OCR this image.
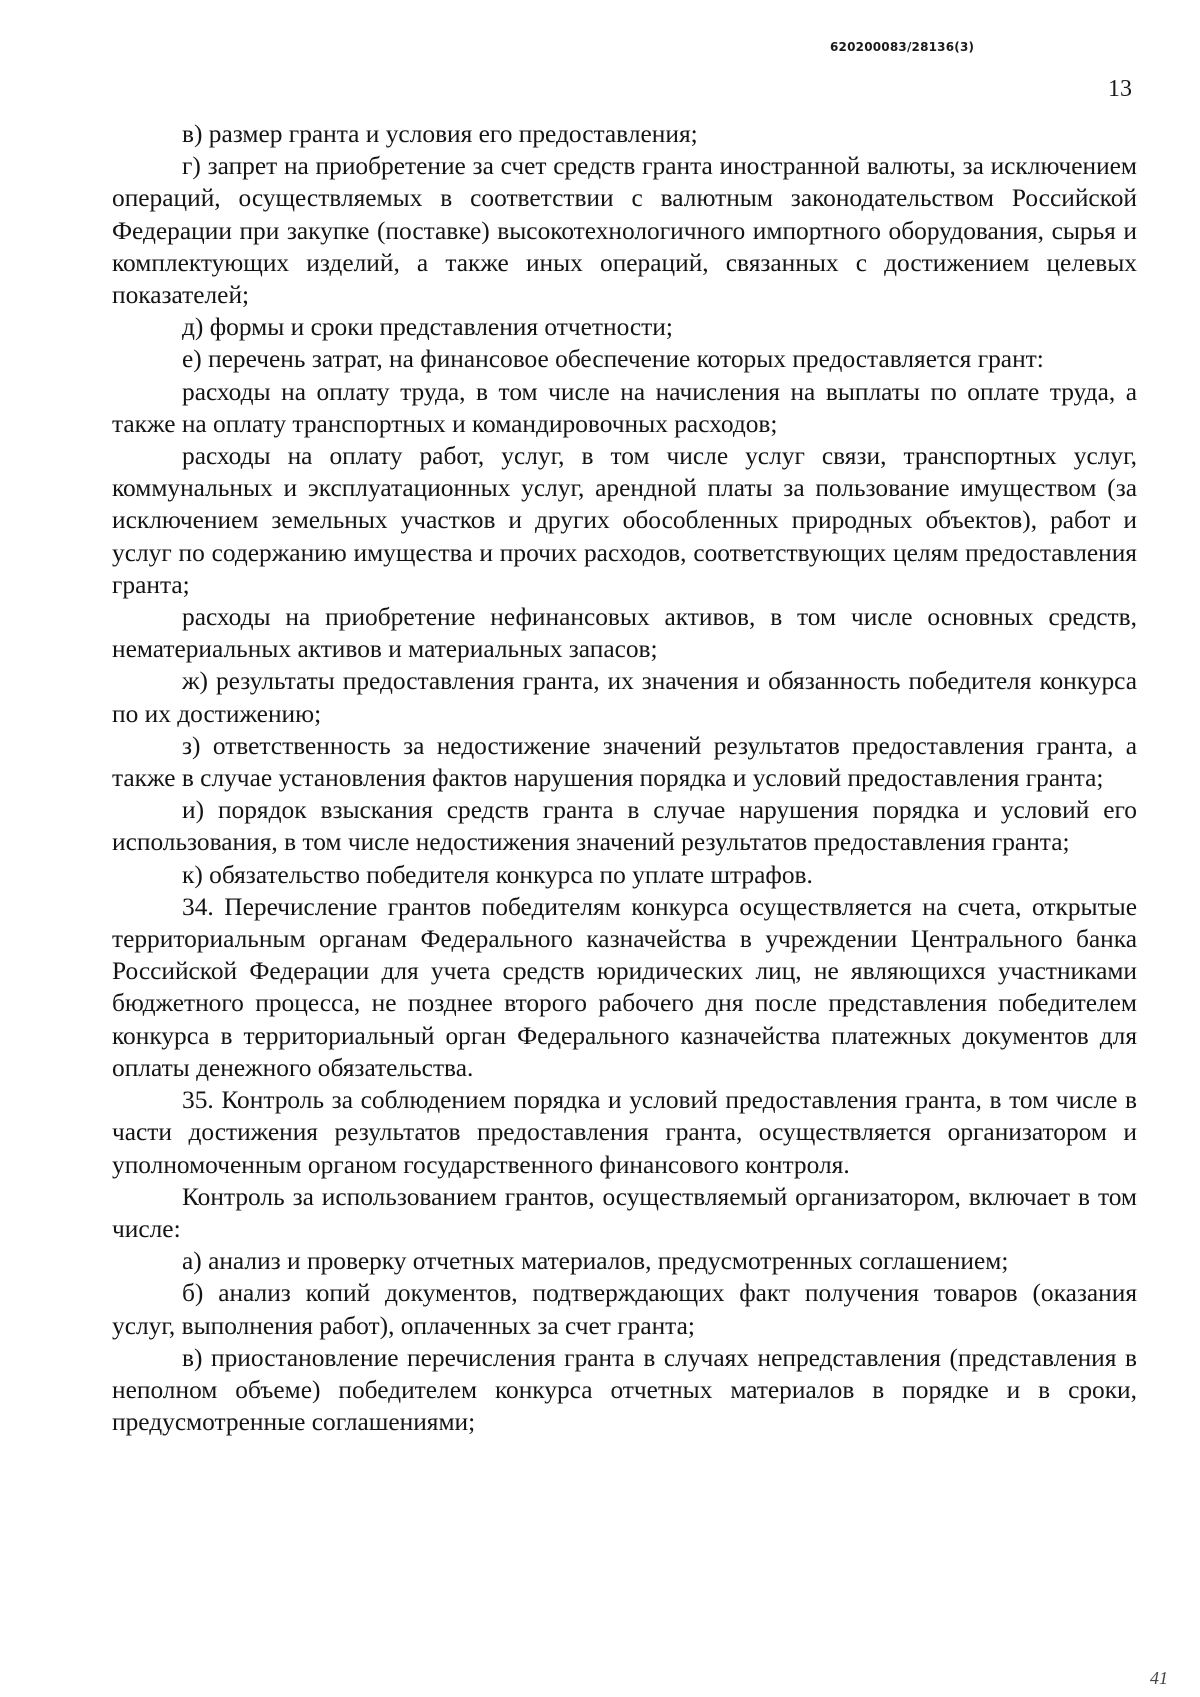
620200083/28136(3)
13

в) размер гранта и условия его предоставления;

г) запрет на приобретение за счет средств гранта иностранной валюты, за исключением операций, осуществляемых в соответствии с валютным законодательством Российской Федерации при закупке (поставке) высокотехнологичного импортного оборудования, сырья и комплектующих изделий, а также иных операций, связанных с достижением целевых показателей;

д) формы и сроки представления отчетности;

е) перечень затрат, на финансовое обеспечение которых предоставляется грант:

расходы на оплату труда, в том числе на начисления на выплаты по оплате труда, а также на оплату транспортных и командировочных расходов;

расходы на оплату работ, услуг, в том числе услуг связи, транспортных услуг, коммунальных и эксплуатационных услуг, арендной платы за пользование имуществом (за исключением земельных участков и других обособленных природных объектов), работ и услуг по содержанию имущества и прочих расходов, соответствующих целям предоставления гранта;

расходы на приобретение нефинансовых активов, в том числе основных средств, нематериальных активов и материальных запасов;

ж) результаты предоставления гранта, их значения и обязанность победителя конкурса по их достижению;

з) ответственность за недостижение значений результатов предоставления гранта, а также в случае установления фактов нарушения порядка и условий предоставления гранта;

и) порядок взыскания средств гранта в случае нарушения порядка и условий его использования, в том числе недостижения значений результатов предоставления гранта;

к) обязательство победителя конкурса по уплате штрафов.

34. Перечисление грантов победителям конкурса осуществляется на счета, открытые территориальным органам Федерального казначейства в учреждении Центрального банка Российской Федерации для учета средств юридических лиц, не являющихся участниками бюджетного процесса, не позднее второго рабочего дня после представления победителем конкурса в территориальный орган Федерального казначейства платежных документов для оплаты денежного обязательства.

35. Контроль за соблюдением порядка и условий предоставления гранта, в том числе в части достижения результатов предоставления гранта, осуществляется организатором и уполномоченным органом государственного финансового контроля.

Контроль за использованием грантов, осуществляемый организатором, включает в том числе:

а) анализ и проверку отчетных материалов, предусмотренных соглашением;

б) анализ копий документов, подтверждающих факт получения товаров (оказания услуг, выполнения работ), оплаченных за счет гранта;

в) приостановление перечисления гранта в случаях непредставления (представления в неполном объеме) победителем конкурса отчетных материалов в порядке и в сроки, предусмотренные соглашениями;

41
